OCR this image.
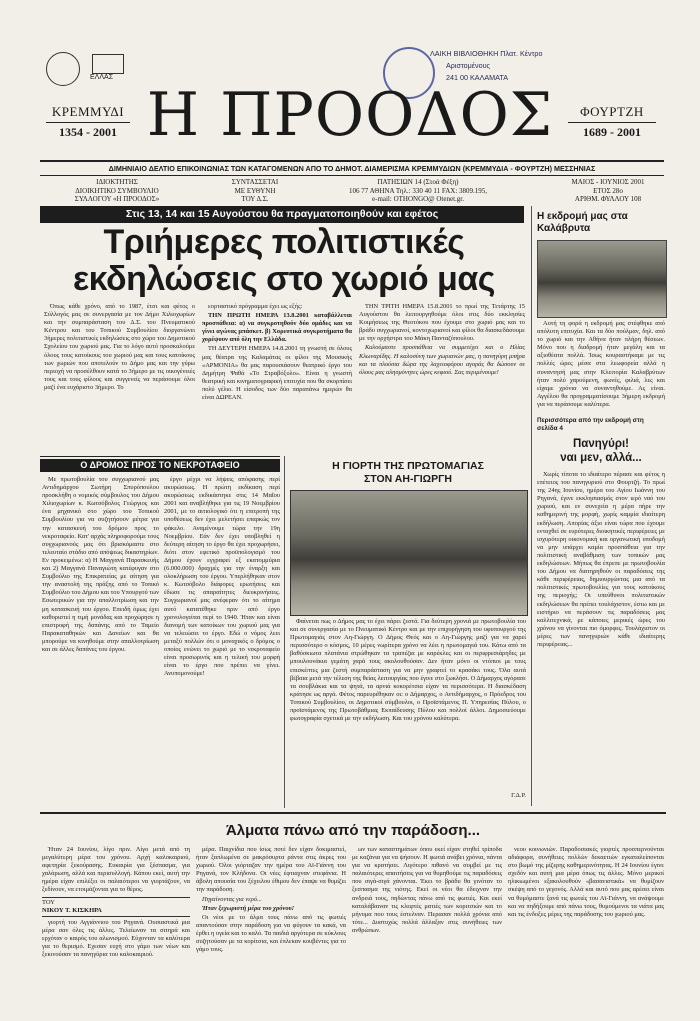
ΕΛΛΑΣ
ΛΑΙΚΗ ΒΙΒΛΙΟΘΗΚΗ Πλατ. Κέντρο
Αριστομένους
241 00 ΚΑΛΑΜΑΤΑ
ΚΡΕΜΜΥΔΙ
1354 - 2001 Η ΠΡΟΟΔΟΣ	ΦΟΥΡΤΖΗ
1689 - 2001
ΔΙΜΗΝΙΑΙΟ ΔΕΛΤΙΟ ΕΠΙΚΟΙΝΩΝΙΑΣ ΤΩΝ ΚΑΤΑΓΟΜΕΝΩΝ ΑΠΟ ΤΟ ΔΗΜΟΤ. ΔΙΑΜΕΡΙΣΜΑ ΚΡΕΜΜΥΔΙΩΝ (ΚΡΕΜΜΥΔΙΑ - ΦΟΥΡΤΖΗ) ΜΕΣΣΗΝΙΑΣ
ΙΔΙΟΚΤΗΤΗΣ
ΔΙΟΙΚΗΤΙΚΟ ΣΥΜΒΟΥΛΙΟ
ΣΥΛΛΟΓΟΥ «Η ΠΡΟΟΔΟΣ»
ΣΥΝΤΑΣΣΕΤΑΙ
ΜΕ ΕΥΘΥΝΗ
ΤΟΥ Δ.Σ.
ΠΑΤΗΣΙΩΝ 14 (Στοά Φέξη)
106 77 ΑΘΗΝΑ Τηλ.: 330 40 11 FAX: 3809.195,
e-mail: OTHONGO@ Otenet.gr.
ΜΑΙΟΣ - ΙΟΥΝΙΟΣ 2001
ΕΤΟΣ 28ο
ΑΡΙΘΜ. ΦΥΛΛΟΥ 108
Στις 13, 14 και 15 Αυγούστου θα πραγματοποιηθούν και εφέτος
Τριήμερες πολιτιστικές
εκδηλώσεις στο χωριό μας

Όπως κάθε χρόνο, από το 1987, έτσι και φέτος ο Σύλλογός μας σε συνεργασία με τον Δήμο Χιλιοχωρίων και την συμπαράσταση του Δ.Σ. του Πνευματικού Κέντρου και του Τοπικού Συμβουλίου διοργανώνει 3ήμερες πολιτιστικές εκδηλώσεις στο χώρο του Δημοτικού Σχολείου του χωριού μας. Για το λόγο αυτό προσκαλούμε όλους τους κατοίκους του χωριού μας και τους κατοίκους των χωριών που αποτελούν το Δήμο μας και την γύρω περιοχή να προσέλθουν κατά το 3ήμερο με τις οικογένειές τους και τους φίλους και συγγενείς να περάσουμε όλοι μαζί ένα ευχάριστο 3ήμερο. Το

εορταστικό πρόγραμμα έχει ως εξής:

ΤΗΝ ΠΡΩΤΗ ΗΜΕΡΑ 13.8.2001 καταβάλλεται προσπάθεια: α) να συγκροτηθούν δύο ομάδες και να γίνει αγώνας μπάσκετ. β) Χορευτικά συγκροτήματα θα χορέψουν από όλη την Ελλάδα.

ΤΗ ΔΕΥΤΕΡΗ ΗΜΕΡΑ 14.8.2001 τη γνωστή σε όλους μας θέατρα της Καλαμάτας οι φίλοι της Μουσικής «ΑΡΜΟΝΙΑ» θα μας παρουσιάσουν θεατρικό έργο του Δημήτρη Ψαθά «Το Στραβόξυλο». Είναι η γνωστή θεατρική και κινηματογραφική επιτυχία που θα σκορπίσει πολύ γέλιο. Η είσοδος των δύο παραπάνω ημερών θα είναι ΔΩΡΕΑΝ.

ΤΗΝ ΤΡΙΤΗ ΗΜΕΡΑ 15.8.2001 το πρωί της Τετάρτης 15 Αυγούστου θα λειτουργηθούμε όλοι στις δύο εκκλησίες Κοιμήσεως της Θεοτόκου που έχουμε στο χωριό μας και το βράδυ συγχωριανοί, κοντοχωριανοί και φίλοι θα διασκεδάσουμε με την ορχήστρα του Μάκη Πανταζόπουλου.

Καλούμαστε προσπάθεια να συμμετέχει και ο Ηλίας Κλωναρίδης. Η καλοσύνη των χωριανών μας, η πανηγύρη μπήρα και τα πλούσια δώρα της λαχειοφόρου αγοράς θα δώσουν σε όλους μας αλησμόνητες ώρες κεφιού. Σας περιμένουμε!

Η εκδρομή μας στα Καλάβρυτα

Αυτή τη φορά η εκδρομή μας στέφθηκε από απόλυτη επιτυχία. Και τα δύο πούλμαν, δηλ. από το χωριό και την Αθήνα ήταν πλήρη θέσεων. Μόνο που η διαδρομή ήταν μεγάλη και τα αξιοθέατα πολλά. Ίσως κουραστήκαμε με τις πολλές ώρες μέσα στα λεωφορεία αλλά η συναντησή μας στην Κλειτορία Καλαβρύτων ήταν πολύ χαρούμενη, φωνές, φιλιά, λες και είχαμε χρόνια να συναντηθούμε. Ας είναι. Αγγέλου θα προγραμματίσουμε 3ήμερη εκδρομή για να περάσουμε καλύτερα.

Περισσότερα από την εκδρομή στη σελίδα 4
Πανηγύρι!
ναι μεν, αλλά...

Χωρίς τίποτα το ιδιαίτερο πέρασε και φέτος η επέτειος του πανηγυριού στο Φουρτζή. Το πρωί της 24ης Ιουνίου, ημέρα του Αγίου Ιωάννη του Ρηγανά, έγινε εκκλησιασμός στον ιερό ναό του χωριού, και εν συνεχεία η μέρα πήρε την καθημερινή της μορφή, χωρίς καμμία ιδιαίτερη εκδήλωση. Απορίας άξιο είναι τώρα που έχουμε ενταχθεί σε ευρύτερες διοικητικές περιφέρειες με ισχυρότερη οικονομική και οργανωτική υποδομή να μην υπάρχει καμία προσπάθεια για την πολιτιστική αναβάθμιση των τοπικών μας εκδηλώσεων. Μήπως θα έπρεπε με πρωτοβουλία του Δήμου να διατηρηθούν οι παραδόσεις της κάθε περιφέρειας, δημιουργώντας μια από τα πολιτιστικές πρωτοβουλίες για τους κατοίκους της περιοχής; Οι υπεύθυνοι πολιτιστικών εκδηλώσεων θα πρέπει τουλάχιστον, έστω και με ειστήριο να περάσουν τις παραδόσεις μας καλλιτεχνικά, με κάποιες μερικές ώρες του χρόνου να γίνονται πιο όμορφες. Τουλάχιστον οι μέρες των πανηγυριών κάθε ιδιαίτερης περιφέρειας...

Ο ΔΡΟΜΟΣ ΠΡΟΣ ΤΟ ΝΕΚΡΟΤΑΦΕΙΟ

Με πρωτοβουλία του συγχωριανού μας Αντιδημάρχου Σωτήρη Σπυρόπουλου προσκλήθη ο νομικός σύμβουλος του Δήμου Χιλιοχωρίων κ. Κωτσόβολος Γεώργιος και ένα μηχανικό στο χώρο του Τοπικού Συμβουλίου για να συζητήσουν μέτρα για την κατασκευή του δρόμου προς το νεκροταφείο. Κατ' αρχάς πληροφορούμε τους συγχωριανούς μας ότι βρισκόμαστε στο τελευταίο στάδιο από απόψεως δικαστηρίων. Εν προκειμένω: α) Η Μαγγανά Παρασκευής και 2) Μαγγανά Παναγιώτη κατέφυγαν στο Συμβούλιο της Επικρατείας με αίτηση για την αναστολή της πράξης από το Τοπικό Συμβούλιο του Δήμου και του Υπουργού των Εσωτερικών για την απαλλοτρίωση και την μη κατασκευή του έργου. Επειδή όμως έχει καθοριστεί η τιμή μονάδας και προχώρησε η επιστροφή της δαπάνης από το Ταμείο Παρακαταθηκών και Δανείων και θα μπορούμε να κινηθούμε στην απαλλοτρίωση και σε άλλες δαπάνες του έργου.

έργο μέχρι να λήψεις απόφασης περί ακυρώσεως. Η πρώτη εκδίκαση περί ακυρώσεως εκδικάστηκε στις 14 Μαΐου 2001 και αναβλήθηκε για τις 19 Νοεμβρίου 2001, με το αιτιολογικό ότι η επιτροπή της υποθέσεως δεν έχει μελετήσει επαρκώς τον φάκελο. Αναμένουμε τώρα την 19η Νοεμβρίου. Εάν δεν έχει υποβληθεί η δεύτερη αίτηση το έργο θα έχει προχωρήσει, διότι στον εφετικό προϋπολογισμό του Δήμου έχουν εγγραφεί εξ εκατομμύρια (6.000.000) δραχμές για την έναρξη και ολοκλήρωση του έργου. Υπερλήθηκαν στον κ. Κωτσόβολο διάφορες ερωτήσεις και έδωσε τις απαραίτητες διευκρινήσεις. Συγχωριανοί μας ανέφεραν ότι το αίτημα αυτό κατατέθηκε πριν από έργο χρονολογείται περί το 1940. Ήταν και είναι διανομή των κατοίκων του χωριού μας για να τελειώσει το έργο. Εδώ ο νόμος λεει μεταξύ πολλών ότι ο μοναχικός ο δρόμος ο οποίος ενώνει το χωριό με το νεκροταφείο είναι προσωρινός και η τελική του μορφή είναι το έργο που πρέπει να γίνει. Ανυπομονούμε!

Η ΓΙΟΡΤΗ ΤΗΣ ΠΡΩΤΟΜΑΓΙΑΣ
ΣΤΟΝ ΑΗ-ΓΙΩΡΓΗ

Φαίνεται πως ο Δήμος μας το έχει πάρει ζεστά. Για δεύτερη χρονιά με πρωτοβουλία του και σε συνεργασία με το Πνευματικό Κέντρο και με την επιχορήγηση του υφυπουργού της Πρωτομαγιάς στον Αη-Γιώργη. Ο Δήμος Θεός και ο Αη-Γιώργης μαζί για να χαρεί περισσότερο ο κόσμος, 10 μέρες νωρίτερα χρόνο να λέει η πρωτομαγιά του. Κάτω από τα βαθύσκιωτα πλατάνια στρώθηκαν τα τραπέζια με καρέκλες και οι περιφρεσιάρηδες με μπουλουνάκια γεμάτη χαρά τους ακολουθούσαν. Δεν ήταν μόνο οι ντόπιοι με τους επισκέπτες μια ζεστή συμπαράσταση για να μην γραφτεί το κρασάκι τους. Όλα αυτά βέβαια μετά την τέλεση της θείας λειτουργίας που έγινε στο ξωκλήσι. Ο Δήμαρχος αγόρασε τα σουβλάκια και τα ψητά, τα αρνιά κοκορέτσια είχαν τα περισσότερα. Η διασκέδαση κράτησε ως αργά. Φέτος παρευρέθηκαν οι: ο Δήμαρχος, ο Αντιδήμαρχος, ο Πρόεδρος του Τοπικού Συμβουλίου, οι Δημοτικοί σύμβουλοι, ο Προϊστάμενος Π. Υπηρεσίας Πύλου, ο προϊστάμενος της Πρωτοβάθμιας Εκπαίδευσης Πύλου και πολλοί άλλοι. Δημοσιεύουμε φωτογραφία σχετικά με την εκδήλωση. Και του χρόνου καλύτερα.

Γ.Δ.Ρ.
Άλματα πάνω από την παράδοση...

Ήταν 24 Ιουνίου, λίγο πριν. Λίγο μετά από τη μεγαλύτερη μέρα του χρόνου. Αρχή καλοκαιριού, αφετηρία ξεκούρασης. Ευκαιρία για ξέσπασμα, για χαλάρωση, αλλά και περισυλλογή. Κάπου εκεί, αυτή την ημέρα είχαν επιλέξει οι παλαιότεροι να γιορτάζουν, να ξεδίνουν, να ετοιμάζονται για το θέρος.

ΤΟΥ
ΝΙΚΟΥ Τ. ΚΙΣΚΗΡΑ

γιορτή του Αγγιάννιου του Ρηγανά. Ουσιαστικά μια μέρα σαν όλες τις άλλες. Τελείωναν τα σιτηρά και ερχόταν ο καιρός του αλωνισμού. Εύχονταν τα καλύτερα για το θερισμό. Εχεσαν ευχή στο γάμο των νέων και ξεκινούσαν τα πανηγύρια του καλοκαιριού.

μέρα. Παιχνίδια που ίσως ποτέ δεν είχαν δοκιμαστεί, ήταν ξαπλωμένα σε μακρόσυρτα ράντα στις άκρες του χωριού. Όλοι γιόρταζαν την ημέρα του Αϊ-Γιάννη του Ρηγανά, τον Κλήδονα. Οι νέες έφτιαχναν στεφάνια. Η άβολη απουσία του ξέχειλου έθιμου δεν έπαψε να θυμίζει την παράδοση.

Πηγαίνοντας για νερό...

Ήταν ξεχωριστή μέρα του χρόνου!

Οι νέοι με το άλμα τους πάνω από τις φωτιές απαντούσαν στην παράδοση για να φύγουν τα κακά, να έρθει η υγεία και το καλό. Τα παιδιά αργότερα σε κύκλους συζητούσαν με τα κορίτσια, και έπλεκαν κουβέντες για το γάμο τους.

ων των καταστημάτων όπου εκεί είχαν στηθεί τρίποδα με καζάνια για να ψήσουν. Η φωτιά ανάβει χρόνια, πάντα για να κρατήσει. Λιγότερο πιθανό να συμβεί με τις παλαιότερες απαιτήσεις για να θυμηθούμε τις παραδόσεις που σιγά-σιγά χάνονται. Έκει το βράδυ θα γινόταν το ξεσπασμα της νιότης. Εκεί οι νέοι θα έδειχναν την ανδρειά τους, πηδώντας πάνω από τις φωτιές. Και εκεί καταλάβαιναν τις κλεφτές ματιές των κοριτσιών και το μήνυμα που τους έστελναν. Περασαν πολλά χρόνια από τότε... Δυστυχώς πολλά άλλαξαν στις συνήθειες των ανθρώπων.

νεου κοινωνιών. Παραδοσιακές γιορτές προσπερνούνται αδιάφορα, συνήθειες πολλών δεκαετιών εγκαταλείπονται στο βωμό της μίζερης καθημερινότητας. Η 24 Ιουνίου έγινε σχεδόν και αυτή μια μέρα όπως τις άλλες. Μόνο μερικοί ηλικιωμένοι εξακολουθούν «βασανιστικά» να θυμίζουν σκέψη από το γεγονός. Αλλά και αυτό που μας αρέσει είναι να θυμόμαστε ξανά τις φωτιές του Αϊ-Γιάννη, να ανάψουμε και να πηδήξουμε από πάνω τους, θυμούμενοι τα νιάτα μας και τις ένδοξες μέρες της παράδοσης του χωριού μας.
